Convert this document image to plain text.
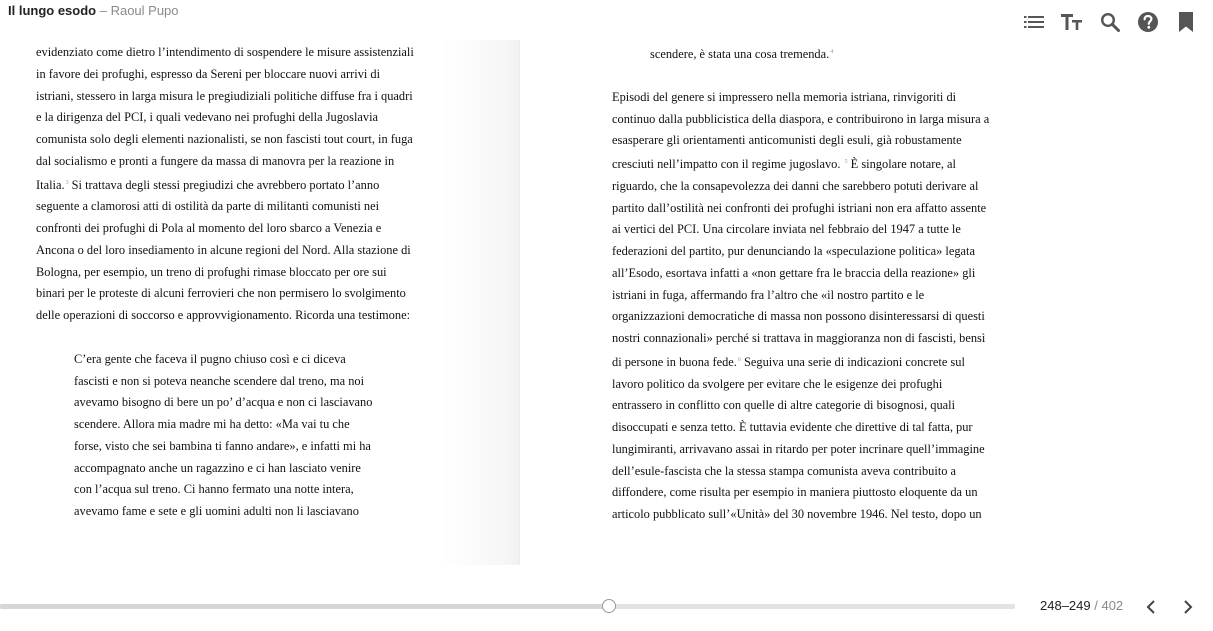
Il lungo esodo – Raoul Pupo

evidenziato come dietro l’intendimento di sospendere le misure assistenziali

in favore dei profughi, espresso da Sereni per bloccare nuovi arrivi di

istriani, stessero in larga misura le pregiudiziali politiche diffuse fra i quadri

e la dirigenza del PCI, i quali vedevano nei profughi della Jugoslavia

comunista solo degli elementi nazionalisti, se non fascisti tout court, in fuga

dal socialismo e pronti a fungere da massa di manovra per la reazione in

Italia.$^3$ Si trattava degli stessi pregiudizi che avrebbero portato l’anno

seguente a clamorosi atti di ostilità da parte di militanti comunisti nei

confronti dei profughi di Pola al momento del loro sbarco a Venezia e

Ancona o del loro insediamento in alcune regioni del Nord. Alla stazione di

Bologna, per esempio, un treno di profughi rimase bloccato per ore sui

binari per le proteste di alcuni ferrovieri che non permisero lo svolgimento

delle operazioni di soccorso e approvvigionamento. Ricorda una testimone:

C’era gente che faceva il pugno chiuso così e ci diceva

fascisti e non si poteva neanche scendere dal treno, ma noi

avevamo bisogno di bere un po’ d’acqua e non ci lasciavano

scendere. Allora mia madre mi ha detto: «Ma vai tu che

forse, visto che sei bambina ti fanno andare», e infatti mi ha

accompagnato anche un ragazzino e ci han lasciato venire

con l’acqua sul treno. Ci hanno fermato una notte intera,

avevamo fame e sete e gli uomini adulti non li lasciavano

scendere, è stata una cosa tremenda.$^4$

Episodi del genere si impressero nella memoria istriana, rinvigoriti di

continuo dalla pubblicistica della diaspora, e contribuirono in larga misura a

esasperare gli orientamenti anticomunisti degli esuli, già robustamente

cresciuti nell’impatto con il regime jugoslavo. $^5$ È singolare notare, al

riguardo, che la consapevolezza dei danni che sarebbero potuti derivare al

partito dall’ostilità nei confronti dei profughi istriani non era affatto assente

ai vertici del PCI. Una circolare inviata nel febbraio del 1947 a tutte le

federazioni del partito, pur denunciando la «speculazione politica» legata

all’Esodo, esortava infatti a «non gettare fra le braccia della reazione» gli

istriani in fuga, affermando fra l’altro che «il nostro partito e le

organizzazioni democratiche di massa non possono disinteressarsi di questi

nostri connazionali» perché si trattava in maggioranza non di fascisti, bensì

di persone in buona fede.$^6$ Seguiva una serie di indicazioni concrete sul

lavoro politico da svolgere per evitare che le esigenze dei profughi

entrassero in conflitto con quelle di altre categorie di bisognosi, quali

disoccupati e senza tetto. È tuttavia evidente che direttive di tal fatta, pur

lungimiranti, arrivavano assai in ritardo per poter incrinare quell’immagine

dell’esule-fascista che la stessa stampa comunista aveva contribuito a

diffondere, come risulta per esempio in maniera piuttosto eloquente da un

articolo pubblicato sull’«Unità» del 30 novembre 1946. Nel testo, dopo un

248–249 / 402
